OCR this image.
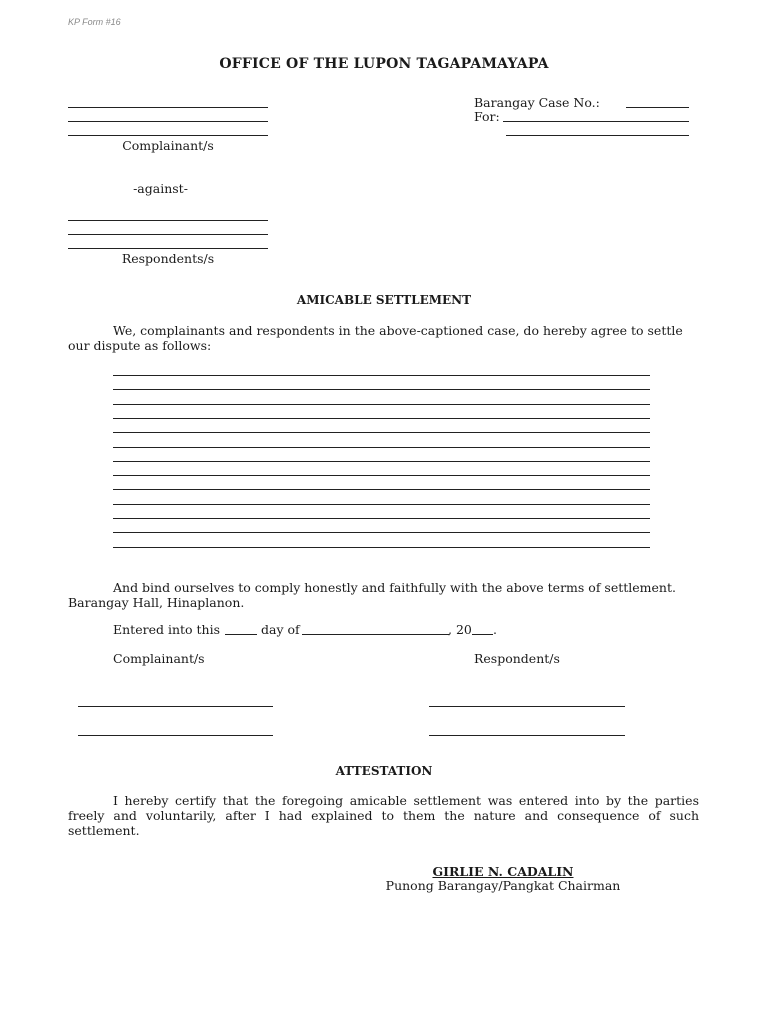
KP Form #16
OFFICE OF THE LUPON TAGAPAMAYAPA
Complainant/s
Barangay Case No.:
For:
-against-
Respondents/s
AMICABLE SETTLEMENT
We, complainants and respondents in the above-captioned case, do hereby agree to settle our dispute as follows:
And bind ourselves to comply honestly and faithfully with the above terms of settlement. Barangay Hall, Hinaplanon.
Entered into this	day of	, 20 .
Complainant/s	Respondent/s
ATTESTATION
I hereby certify that the foregoing amicable settlement was entered into by the parties freely and voluntarily, after I had explained to them the nature and consequence of such settlement.
GIRLIE N. CADALIN
Punong Barangay/Pangkat Chairman
